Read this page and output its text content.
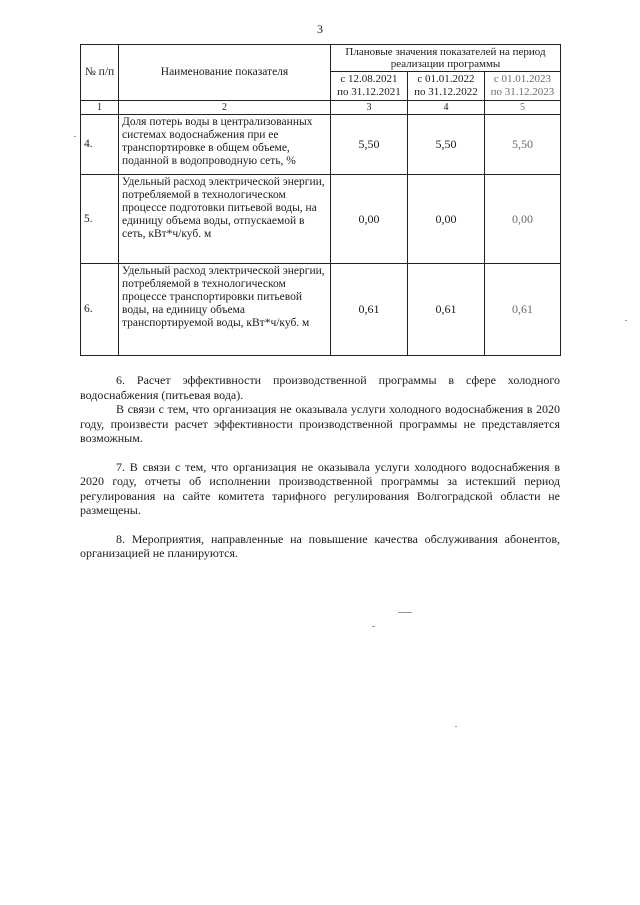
3
№ п/п	Наименование показателя	Плановые значения показателей на период реализации программы		
		с 12.08.2021 по 31.12.2021	с 01.01.2022 по 31.12.2022	с 01.01.2023 по 31.12.2023
1	2	3	4	5
4.	Доля потерь воды в централизованных системах водоснабжения при ее транспортировке в общем объеме, поданной в водопроводную сеть, %	5,50	5,50	5,50
5.	Удельный расход электрической энергии, потребляемой в технологическом процессе подготовки питьевой воды, на единицу объема воды, отпускаемой в сеть, кВт*ч/куб. м	0,00	0,00	0,00
6.	Удельный расход электрической энергии, потребляемой в технологическом процессе транспортировки питьевой воды, на единицу объема транспортируемой воды, кВт*ч/куб. м	0,61	0,61	0,61

6. Расчет эффективности производственной программы в сфере холодного водоснабжения (питьевая вода).

В связи с тем, что организация не оказывала услуги холодного водоснабжения в 2020 году, произвести расчет эффективности производственной программы не представляется возможным.

7. В связи с тем, что организация не оказывала услуги холодного водоснабжения в 2020 году, отчеты об исполнении производственной программы за истекший период регулирования на сайте комитета тарифного регулирования Волгоградской области не размещены.

8. Мероприятия, направленные на повышение качества обслуживания абонентов, организацией не планируются.
